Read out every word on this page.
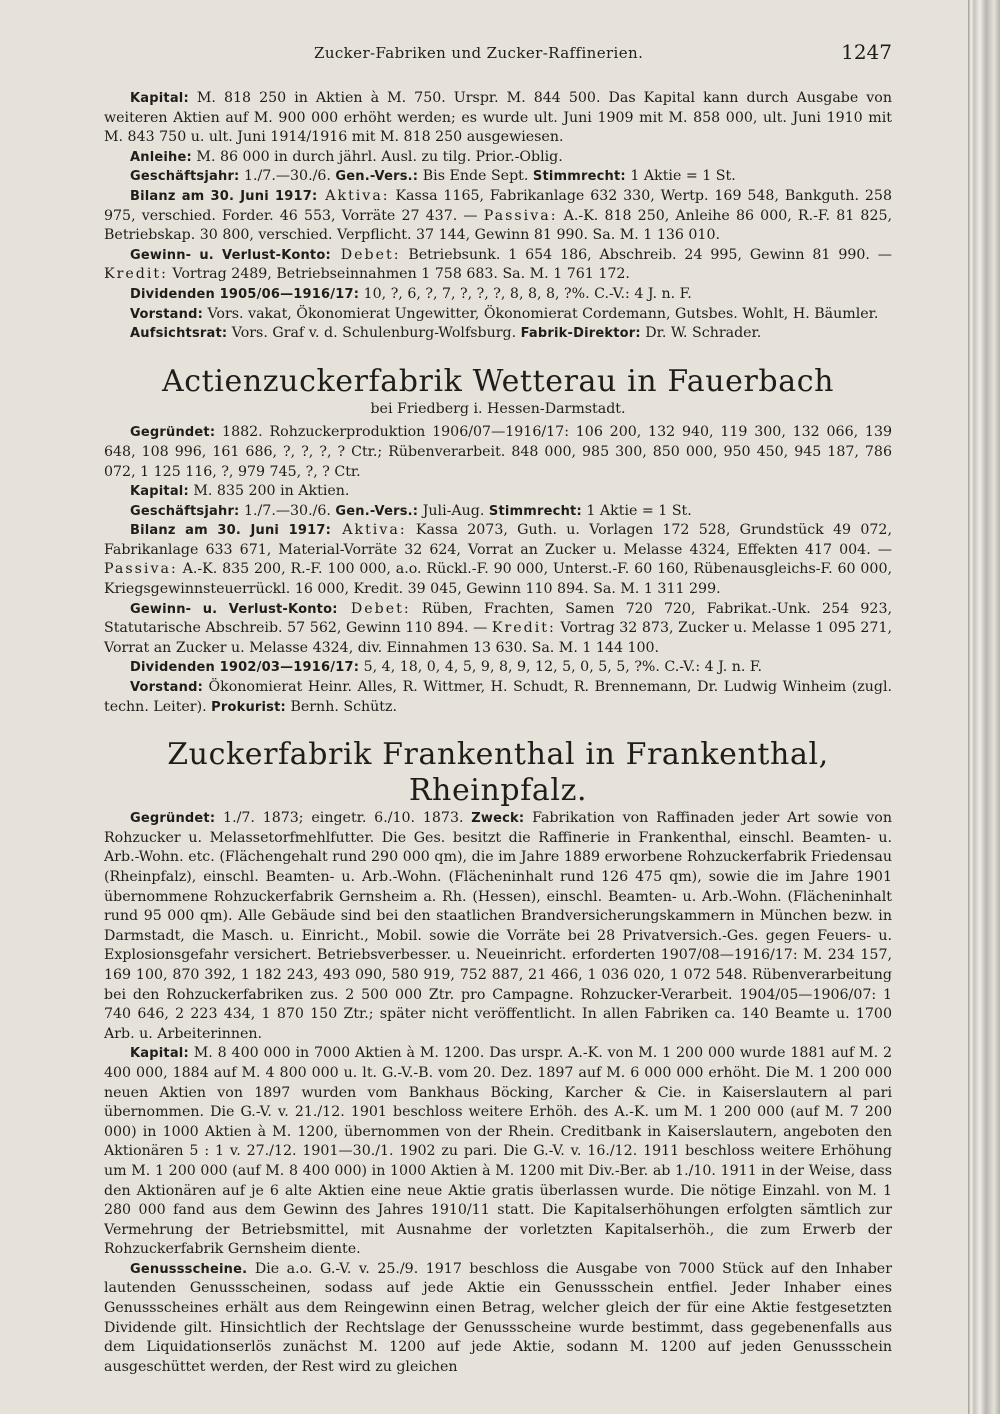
Zucker-Fabriken und Zucker-Raffinerien.	1247

Kapital: M. 818 250 in Aktien à M. 750. Urspr. M. 844 500. Das Kapital kann durch Ausgabe von weiteren Aktien auf M. 900 000 erhöht werden; es wurde ult. Juni 1909 mit M. 858 000, ult. Juni 1910 mit M. 843 750 u. ult. Juni 1914/1916 mit M. 818 250 ausgewiesen.

Anleihe: M. 86 000 in durch jährl. Ausl. zu tilg. Prior.-Oblig.

Geschäftsjahr: 1./7.—30./6. Gen.-Vers.: Bis Ende Sept. Stimmrecht: 1 Aktie = 1 St.

Bilanz am 30. Juni 1917: Aktiva: Kassa 1165, Fabrikanlage 632 330, Wertp. 169 548, Bankguth. 258 975, verschied. Forder. 46 553, Vorräte 27 437. — Passiva: A.-K. 818 250, Anleihe 86 000, R.-F. 81 825, Betriebskap. 30 800, verschied. Verpflicht. 37 144, Gewinn 81 990. Sa. M. 1 136 010.

Gewinn- u. Verlust-Konto: Debet: Betriebsunk. 1 654 186, Abschreib. 24 995, Gewinn 81 990. — Kredit: Vortrag 2489, Betriebseinnahmen 1 758 683. Sa. M. 1 761 172.

Dividenden 1905/06—1916/17: 10, ?, 6, ?, 7, ?, ?, ?, 8, 8, 8, ?%. C.-V.: 4 J. n. F.

Vorstand: Vors. vakat, Ökonomierat Ungewitter, Ökonomierat Cordemann, Gutsbes. Wohlt, H. Bäumler.

Aufsichtsrat: Vors. Graf v. d. Schulenburg-Wolfsburg. Fabrik-Direktor: Dr. W. Schrader.

Actienzuckerfabrik Wetterau in Fauerbach
bei Friedberg i. Hessen-Darmstadt.

Gegründet: 1882. Rohzuckerproduktion 1906/07—1916/17: 106 200, 132 940, 119 300, 132 066, 139 648, 108 996, 161 686, ?, ?, ?, ? Ctr.; Rübenverarbeit. 848 000, 985 300, 850 000, 950 450, 945 187, 786 072, 1 125 116, ?, 979 745, ?, ? Ctr.

Kapital: M. 835 200 in Aktien.

Geschäftsjahr: 1./7.—30./6. Gen.-Vers.: Juli-Aug. Stimmrecht: 1 Aktie = 1 St.

Bilanz am 30. Juni 1917: Aktiva: Kassa 2073, Guth. u. Vorlagen 172 528, Grundstück 49 072, Fabrikanlage 633 671, Material-Vorräte 32 624, Vorrat an Zucker u. Melasse 4324, Effekten 417 004. — Passiva: A.-K. 835 200, R.-F. 100 000, a.o. Rückl.-F. 90 000, Unterst.-F. 60 160, Rübenausgleichs-F. 60 000, Kriegsgewinnsteuerrückl. 16 000, Kredit. 39 045, Gewinn 110 894. Sa. M. 1 311 299.

Gewinn- u. Verlust-Konto: Debet: Rüben, Frachten, Samen 720 720, Fabrikat.-Unk. 254 923, Statutarische Abschreib. 57 562, Gewinn 110 894. — Kredit: Vortrag 32 873, Zucker u. Melasse 1 095 271, Vorrat an Zucker u. Melasse 4324, div. Einnahmen 13 630. Sa. M. 1 144 100.

Dividenden 1902/03—1916/17: 5, 4, 18, 0, 4, 5, 9, 8, 9, 12, 5, 0, 5, 5, ?%. C.-V.: 4 J. n. F.

Vorstand: Ökonomierat Heinr. Alles, R. Wittmer, H. Schudt, R. Brennemann, Dr. Ludwig Winheim (zugl. techn. Leiter). Prokurist: Bernh. Schütz.

Zuckerfabrik Frankenthal in Frankenthal, Rheinpfalz.

Gegründet: 1./7. 1873; eingetr. 6./10. 1873. Zweck: Fabrikation von Raffinaden jeder Art sowie von Rohzucker u. Melassetorfmehlfutter. Die Ges. besitzt die Raffinerie in Frankenthal, einschl. Beamten- u. Arb.-Wohn. etc. (Flächengehalt rund 290 000 qm), die im Jahre 1889 erworbene Rohzuckerfabrik Friedensau (Rheinpfalz), einschl. Beamten- u. Arb.-Wohn. (Flächeninhalt rund 126 475 qm), sowie die im Jahre 1901 übernommene Rohzuckerfabrik Gernsheim a. Rh. (Hessen), einschl. Beamten- u. Arb.-Wohn. (Flächeninhalt rund 95 000 qm). Alle Gebäude sind bei den staatlichen Brandversicherungskammern in München bezw. in Darmstadt, die Masch. u. Einricht., Mobil. sowie die Vorräte bei 28 Privatversich.-Ges. gegen Feuers- u. Explosionsgefahr versichert. Betriebsverbesser. u. Neueinricht. erforderten 1907/08—1916/17: M. 234 157, 169 100, 870 392, 1 182 243, 493 090, 580 919, 752 887, 21 466, 1 036 020, 1 072 548. Rübenverarbeitung bei den Rohzuckerfabriken zus. 2 500 000 Ztr. pro Campagne. Rohzucker-Verarbeit. 1904/05—1906/07: 1 740 646, 2 223 434, 1 870 150 Ztr.; später nicht veröffentlicht. In allen Fabriken ca. 140 Beamte u. 1700 Arb. u. Arbeiterinnen.

Kapital: M. 8 400 000 in 7000 Aktien à M. 1200. Das urspr. A.-K. von M. 1 200 000 wurde 1881 auf M. 2 400 000, 1884 auf M. 4 800 000 u. lt. G.-V.-B. vom 20. Dez. 1897 auf M. 6 000 000 erhöht. Die M. 1 200 000 neuen Aktien von 1897 wurden vom Bankhaus Böcking, Karcher & Cie. in Kaiserslautern al pari übernommen. Die G.-V. v. 21./12. 1901 beschloss weitere Erhöh. des A.-K. um M. 1 200 000 (auf M. 7 200 000) in 1000 Aktien à M. 1200, übernommen von der Rhein. Creditbank in Kaiserslautern, angeboten den Aktionären 5 : 1 v. 27./12. 1901—30./1. 1902 zu pari. Die G.-V. v. 16./12. 1911 beschloss weitere Erhöhung um M. 1 200 000 (auf M. 8 400 000) in 1000 Aktien à M. 1200 mit Div.-Ber. ab 1./10. 1911 in der Weise, dass den Aktionären auf je 6 alte Aktien eine neue Aktie gratis überlassen wurde. Die nötige Einzahl. von M. 1 280 000 fand aus dem Gewinn des Jahres 1910/11 statt. Die Kapitalserhöhungen erfolgten sämtlich zur Vermehrung der Betriebsmittel, mit Ausnahme der vorletzten Kapitalserhöh., die zum Erwerb der Rohzuckerfabrik Gernsheim diente.

Genussscheine. Die a.o. G.-V. v. 25./9. 1917 beschloss die Ausgabe von 7000 Stück auf den Inhaber lautenden Genussscheinen, sodass auf jede Aktie ein Genussschein entfiel. Jeder Inhaber eines Genussscheines erhält aus dem Reingewinn einen Betrag, welcher gleich der für eine Aktie festgesetzten Dividende gilt. Hinsichtlich der Rechtslage der Genussscheine wurde bestimmt, dass gegebenenfalls aus dem Liquidationserlös zunächst M. 1200 auf jede Aktie, sodann M. 1200 auf jeden Genussschein ausgeschüttet werden, der Rest wird zu gleichen
